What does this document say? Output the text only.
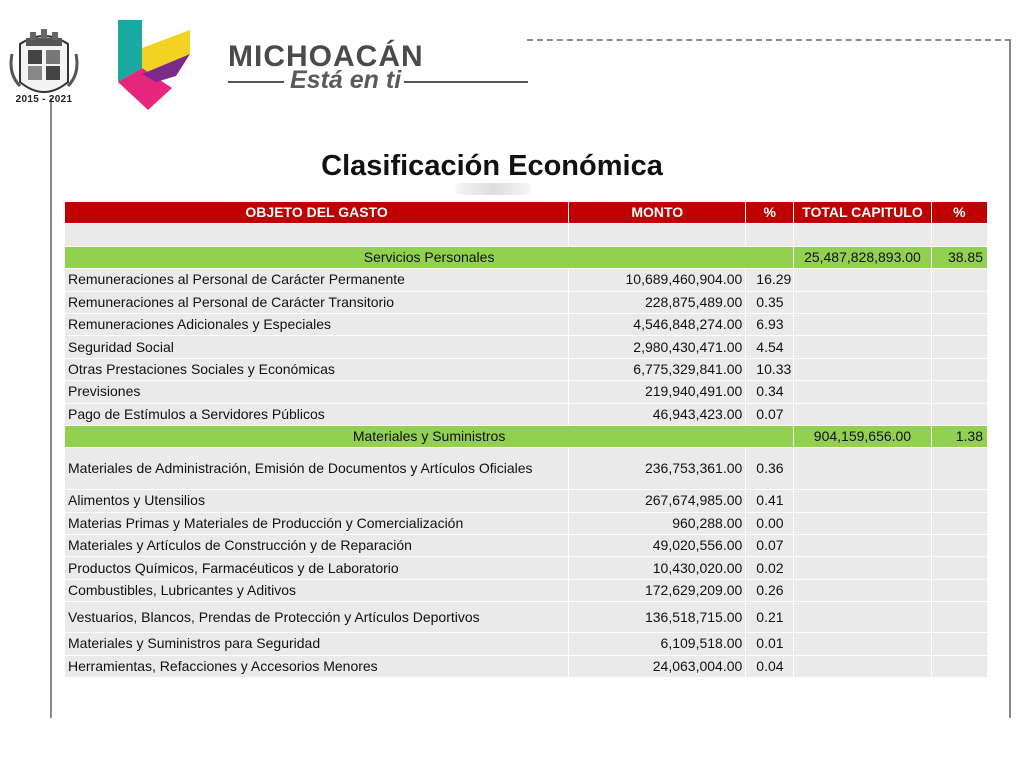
2015 - 2021
MICHOACÁN
Está en ti
Clasificación Económica
OBJETO DEL GASTO	MONTO	%	TOTAL CAPITULO	%

Servicios Personales			25,487,828,893.00	38.85
Remuneraciones al Personal de Carácter Permanente	10,689,460,904.00	16.29		
Remuneraciones al Personal de Carácter Transitorio	228,875,489.00	0.35		
Remuneraciones Adicionales y Especiales	4,546,848,274.00	6.93		
Seguridad Social	2,980,430,471.00	4.54		
Otras Prestaciones Sociales y Económicas	6,775,329,841.00	10.33		
Previsiones	219,940,491.00	0.34		
Pago de Estímulos a Servidores Públicos	46,943,423.00	0.07		
Materiales y Suministros			904,159,656.00	1.38
Materiales de Administración, Emisión de Documentos y Artículos Oficiales	236,753,361.00	0.36		
Alimentos y Utensilios	267,674,985.00	0.41		
Materias Primas y Materiales de Producción y Comercialización	960,288.00	0.00		
Materiales y Artículos de Construcción y de Reparación	49,020,556.00	0.07		
Productos Químicos, Farmacéuticos y de Laboratorio	10,430,020.00	0.02		
Combustibles, Lubricantes y Aditivos	172,629,209.00	0.26		
Vestuarios, Blancos, Prendas de Protección y Artículos Deportivos	136,518,715.00	0.21		
Materiales y Suministros para Seguridad	6,109,518.00	0.01		
Herramientas, Refacciones y Accesorios Menores	24,063,004.00	0.04		
